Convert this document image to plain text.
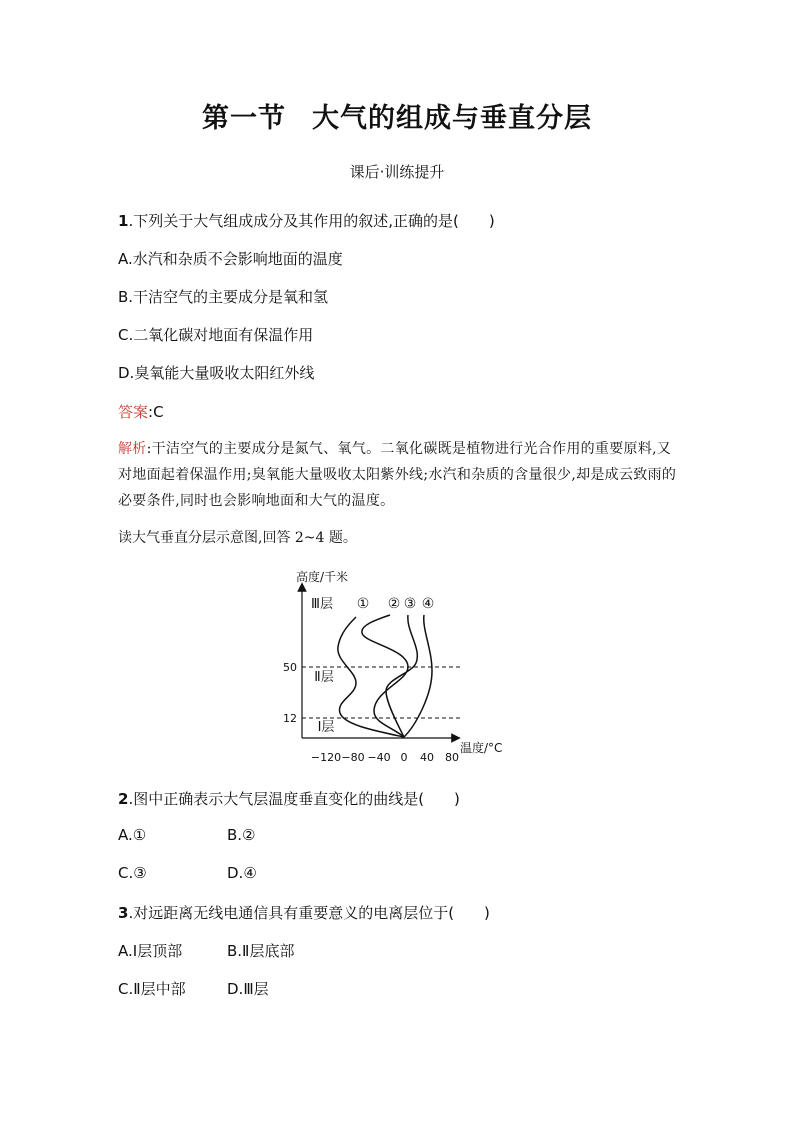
第一节 大气的组成与垂直分层
课后·训练提升
1.下列关于大气组成成分及其作用的叙述,正确的是(　　)
A.水汽和杂质不会影响地面的温度
B.干洁空气的主要成分是氧和氢
C.二氧化碳对地面有保温作用
D.臭氧能大量吸收太阳红外线
答案:C
解析:干洁空气的主要成分是氮气、氧气。二氧化碳既是植物进行光合作用的重要原料,又对地面起着保温作用;臭氧能大量吸收太阳紫外线;水汽和杂质的含量很少,却是成云致雨的必要条件,同时也会影响地面和大气的温度。
读大气垂直分层示意图,回答 2~4 题。
高度/千米
50
12
Ⅲ层
Ⅱ层
Ⅰ层
① ② ③ ④
−120 −80 −40 0 40 80
温度/°C
2.图中正确表示大气层温度垂直变化的曲线是(　　)
A.①	B.②
C.③	D.④
3.对远距离无线电通信具有重要意义的电离层位于(　　)
A.Ⅰ层顶部	B.Ⅱ层底部
C.Ⅱ层中部	D.Ⅲ层
